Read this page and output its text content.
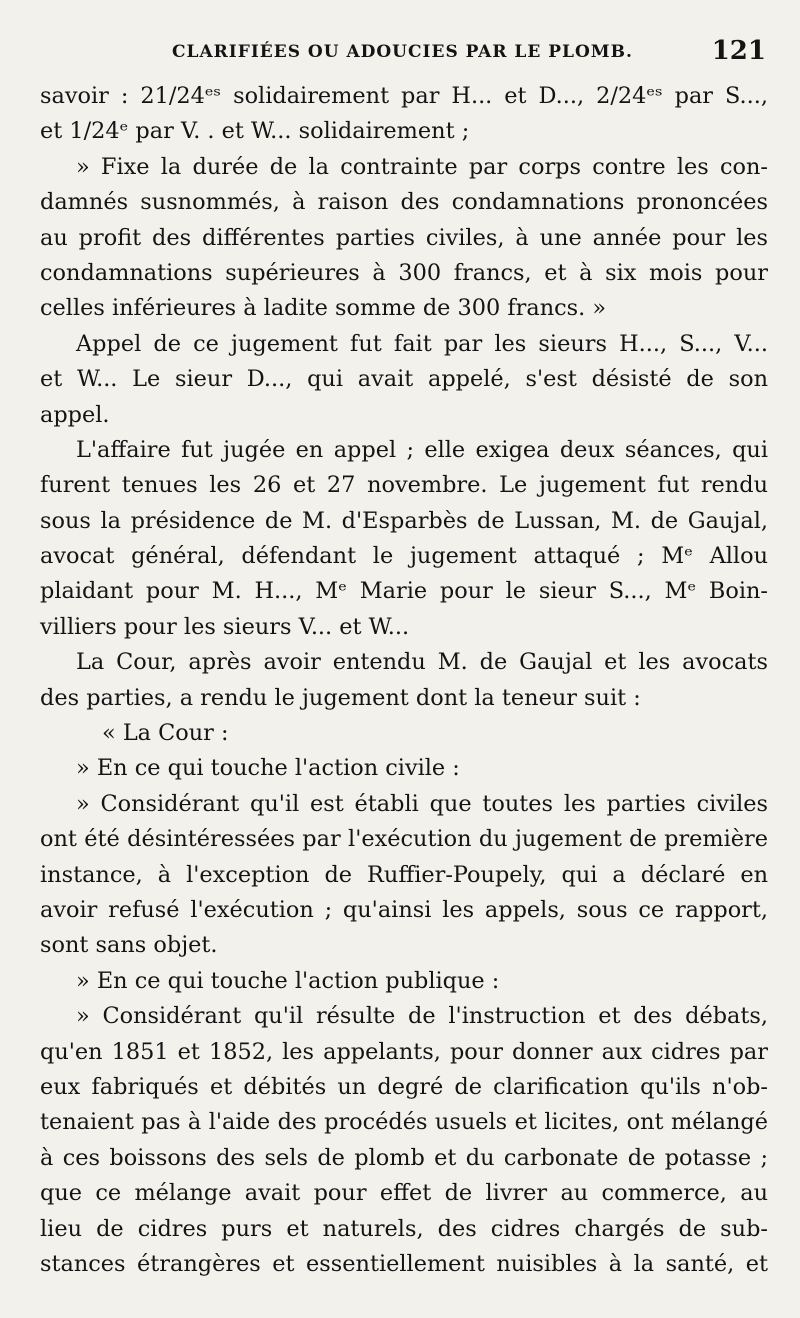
CLARIFIÉES OU ADOUCIES PAR LE PLOMB.	121
savoir : 21/24ᵉˢ solidairement par H... et D..., 2/24ᵉˢ par S...,
et 1/24ᵉ par V. . et W... solidairement ;
» Fixe la durée de la contrainte par corps contre les con-
damnés susnommés, à raison des condamnations prononcées
au profit des différentes parties civiles, à une année pour les
condamnations supérieures à 300 francs, et à six mois pour
celles inférieures à ladite somme de 300 francs. »
Appel de ce jugement fut fait par les sieurs H..., S..., V...
et W... Le sieur D..., qui avait appelé, s'est désisté de son
appel.
L'affaire fut jugée en appel ; elle exigea deux séances, qui
furent tenues les 26 et 27 novembre. Le jugement fut rendu
sous la présidence de M. d'Esparbès de Lussan, M. de Gaujal,
avocat général, défendant le jugement attaqué ; Mᵉ Allou
plaidant pour M. H..., Mᵉ Marie pour le sieur S..., Mᵉ Boin-
villiers pour les sieurs V... et W...
La Cour, après avoir entendu M. de Gaujal et les avocats
des parties, a rendu le jugement dont la teneur suit :
« La Cour :
» En ce qui touche l'action civile :
» Considérant qu'il est établi que toutes les parties civiles
ont été désintéressées par l'exécution du jugement de première
instance, à l'exception de Ruffier-Poupely, qui a déclaré en
avoir refusé l'exécution ; qu'ainsi les appels, sous ce rapport,
sont sans objet.
» En ce qui touche l'action publique :
» Considérant qu'il résulte de l'instruction et des débats,
qu'en 1851 et 1852, les appelants, pour donner aux cidres par
eux fabriqués et débités un degré de clarification qu'ils n'ob-
tenaient pas à l'aide des procédés usuels et licites, ont mélangé
à ces boissons des sels de plomb et du carbonate de potasse ;
que ce mélange avait pour effet de livrer au commerce, au
lieu de cidres purs et naturels, des cidres chargés de sub-
stances étrangères et essentiellement nuisibles à la santé, et
